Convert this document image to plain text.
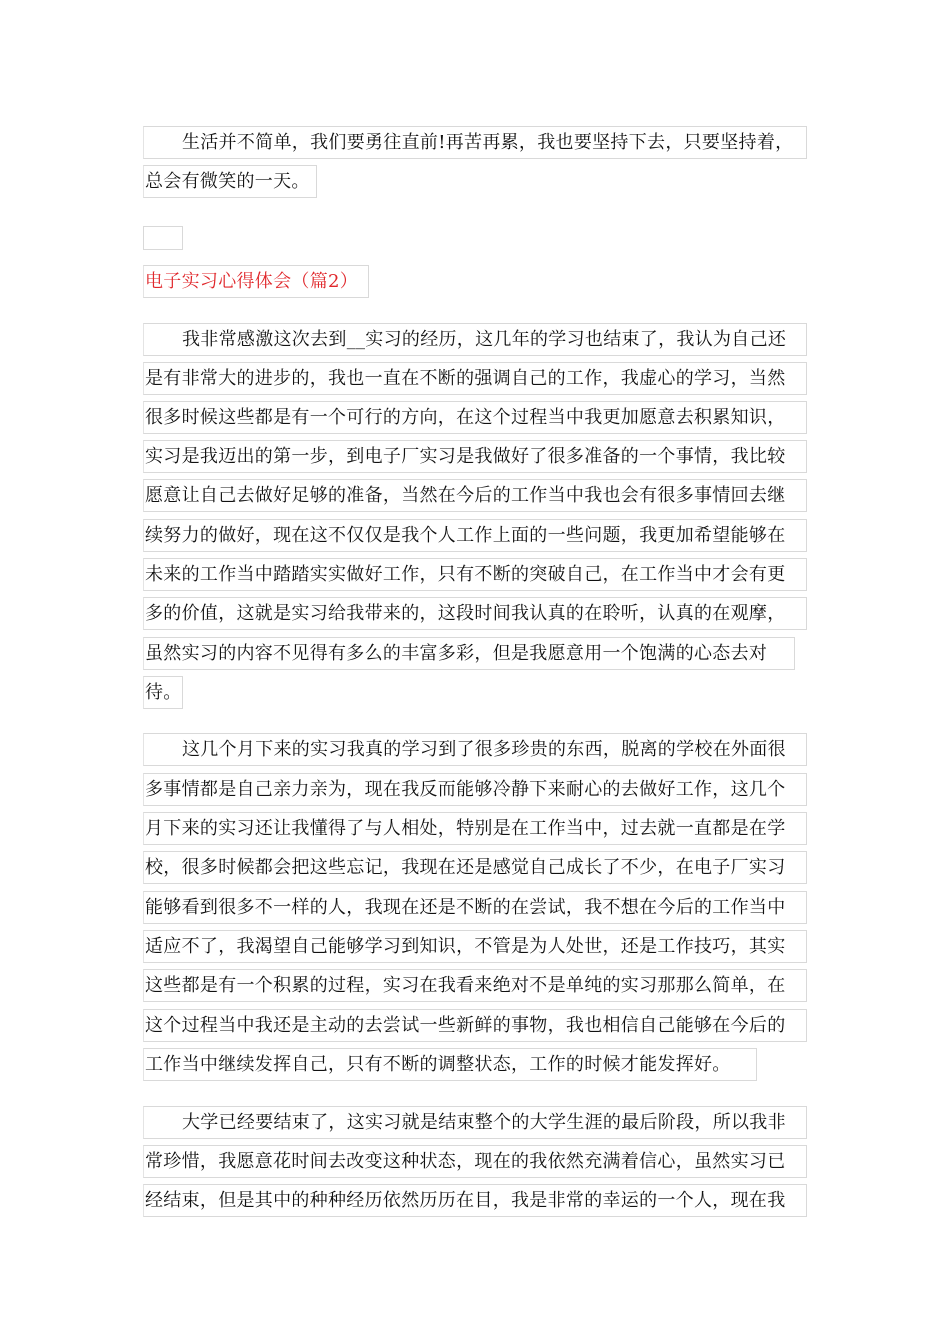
生活并不简单，我们要勇往直前!再苦再累，我也要坚持下去，只要坚持着，
总会有微笑的一天。
电子实习心得体会（篇2）
我非常感激这次去到__实习的经历，这几年的学习也结束了，我认为自己还
是有非常大的进步的，我也一直在不断的强调自己的工作，我虚心的学习，当然
很多时候这些都是有一个可行的方向，在这个过程当中我更加愿意去积累知识，
实习是我迈出的第一步，到电子厂实习是我做好了很多准备的一个事情，我比较
愿意让自己去做好足够的准备，当然在今后的工作当中我也会有很多事情回去继
续努力的做好，现在这不仅仅是我个人工作上面的一些问题，我更加希望能够在
未来的工作当中踏踏实实做好工作，只有不断的突破自己，在工作当中才会有更
多的价值，这就是实习给我带来的，这段时间我认真的在聆听，认真的在观摩，
虽然实习的内容不见得有多么的丰富多彩，但是我愿意用一个饱满的心态去对
待。
这几个月下来的实习我真的学习到了很多珍贵的东西，脱离的学校在外面很
多事情都是自己亲力亲为，现在我反而能够冷静下来耐心的去做好工作，这几个
月下来的实习还让我懂得了与人相处，特别是在工作当中，过去就一直都是在学
校，很多时候都会把这些忘记，我现在还是感觉自己成长了不少，在电子厂实习
能够看到很多不一样的人，我现在还是不断的在尝试，我不想在今后的工作当中
适应不了，我渴望自己能够学习到知识，不管是为人处世，还是工作技巧，其实
这些都是有一个积累的过程，实习在我看来绝对不是单纯的实习那那么简单，在
这个过程当中我还是主动的去尝试一些新鲜的事物，我也相信自己能够在今后的
工作当中继续发挥自己，只有不断的调整状态，工作的时候才能发挥好。
大学已经要结束了，这实习就是结束整个的大学生涯的最后阶段，所以我非
常珍惜，我愿意花时间去改变这种状态，现在的我依然充满着信心，虽然实习已
经结束，但是其中的种种经历依然历历在目，我是非常的幸运的一个人，现在我
